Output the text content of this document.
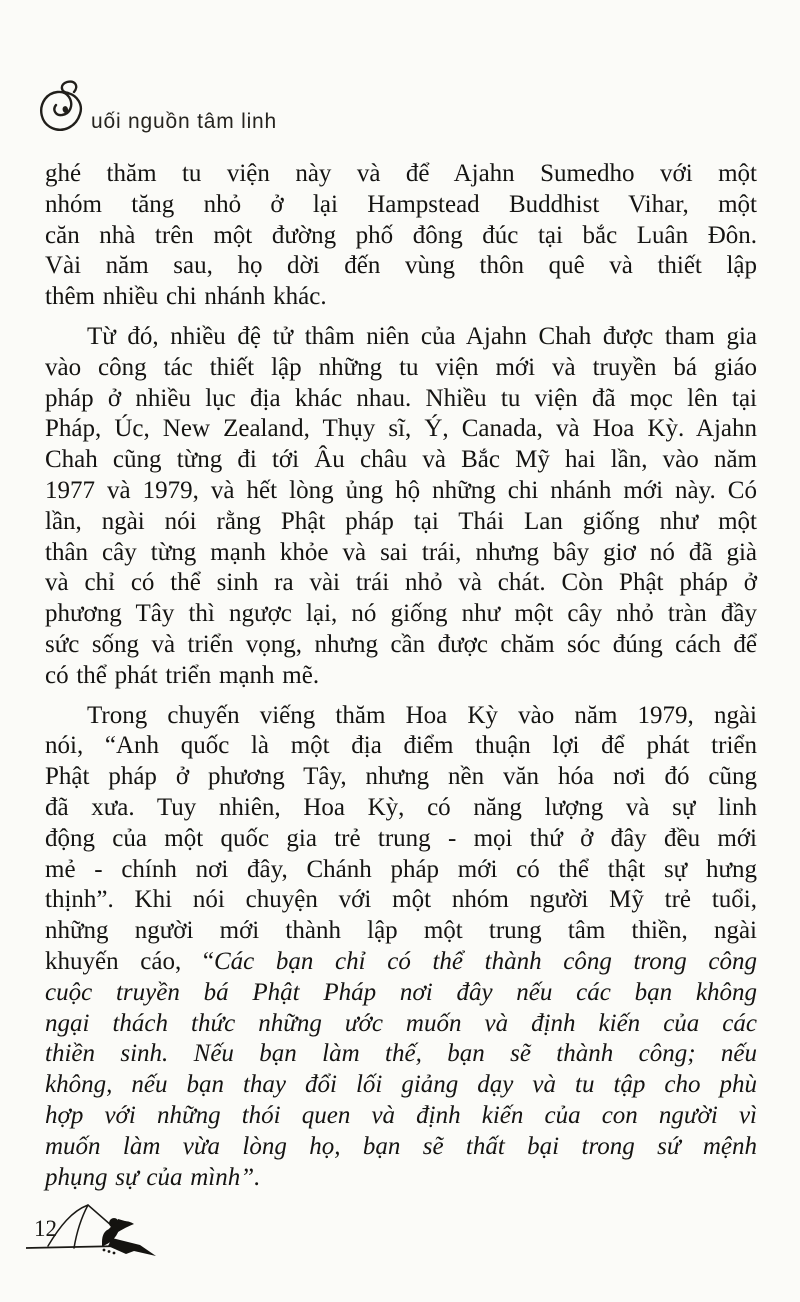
uối nguồn tâm linh

ghé thăm tu viện này và để Ajahn Sumedho với một
nhóm tăng nhỏ ở lại Hampstead Buddhist Vihar, một
căn nhà trên một đường phố đông đúc tại bắc Luân Đôn.
Vài năm sau, họ dời đến vùng thôn quê và thiết lập
thêm nhiều chi nhánh khác.

Từ đó, nhiều đệ tử thâm niên của Ajahn Chah được tham gia
vào công tác thiết lập những tu viện mới và truyền bá giáo
pháp ở nhiều lục địa khác nhau. Nhiều tu viện đã mọc lên tại
Pháp, Úc, New Zealand, Thụy sĩ, Ý, Canada, và Hoa Kỳ. Ajahn
Chah cũng từng đi tới Âu châu và Bắc Mỹ hai lần, vào năm
1977 và 1979, và hết lòng ủng hộ những chi nhánh mới này. Có
lần, ngài nói rằng Phật pháp tại Thái Lan giống như một
thân cây từng mạnh khỏe và sai trái, nhưng bây giơ nó đã già
và chỉ có thể sinh ra vài trái nhỏ và chát. Còn Phật pháp ở
phương Tây thì ngược lại, nó giống như một cây nhỏ tràn đầy
sức sống và triển vọng, nhưng cần được chăm sóc đúng cách để
có thể phát triển mạnh mẽ.

Trong chuyến viếng thăm Hoa Kỳ vào năm 1979, ngài
nói, “Anh quốc là một địa điểm thuận lợi để phát triển
Phật pháp ở phương Tây, nhưng nền văn hóa nơi đó cũng
đã xưa. Tuy nhiên, Hoa Kỳ, có năng lượng và sự linh
động của một quốc gia trẻ trung - mọi thứ ở đây đều mới
mẻ - chính nơi đây, Chánh pháp mới có thể thật sự hưng
thịnh”. Khi nói chuyện với một nhóm người Mỹ trẻ tuổi,
những người mới thành lập một trung tâm thiền, ngài
khuyến cáo, “Các bạn chỉ có thể thành công trong công
cuộc truyền bá Phật Pháp nơi đây nếu các bạn không
ngại thách thức những ước muốn và định kiến của các
thiền sinh. Nếu bạn làm thế, bạn sẽ thành công; nếu
không, nếu bạn thay đổi lối giảng dạy và tu tập cho phù
hợp với những thói quen và định kiến của con người vì
muốn làm vừa lòng họ, bạn sẽ thất bại trong sứ mệnh
phụng sự của mình”.

12
